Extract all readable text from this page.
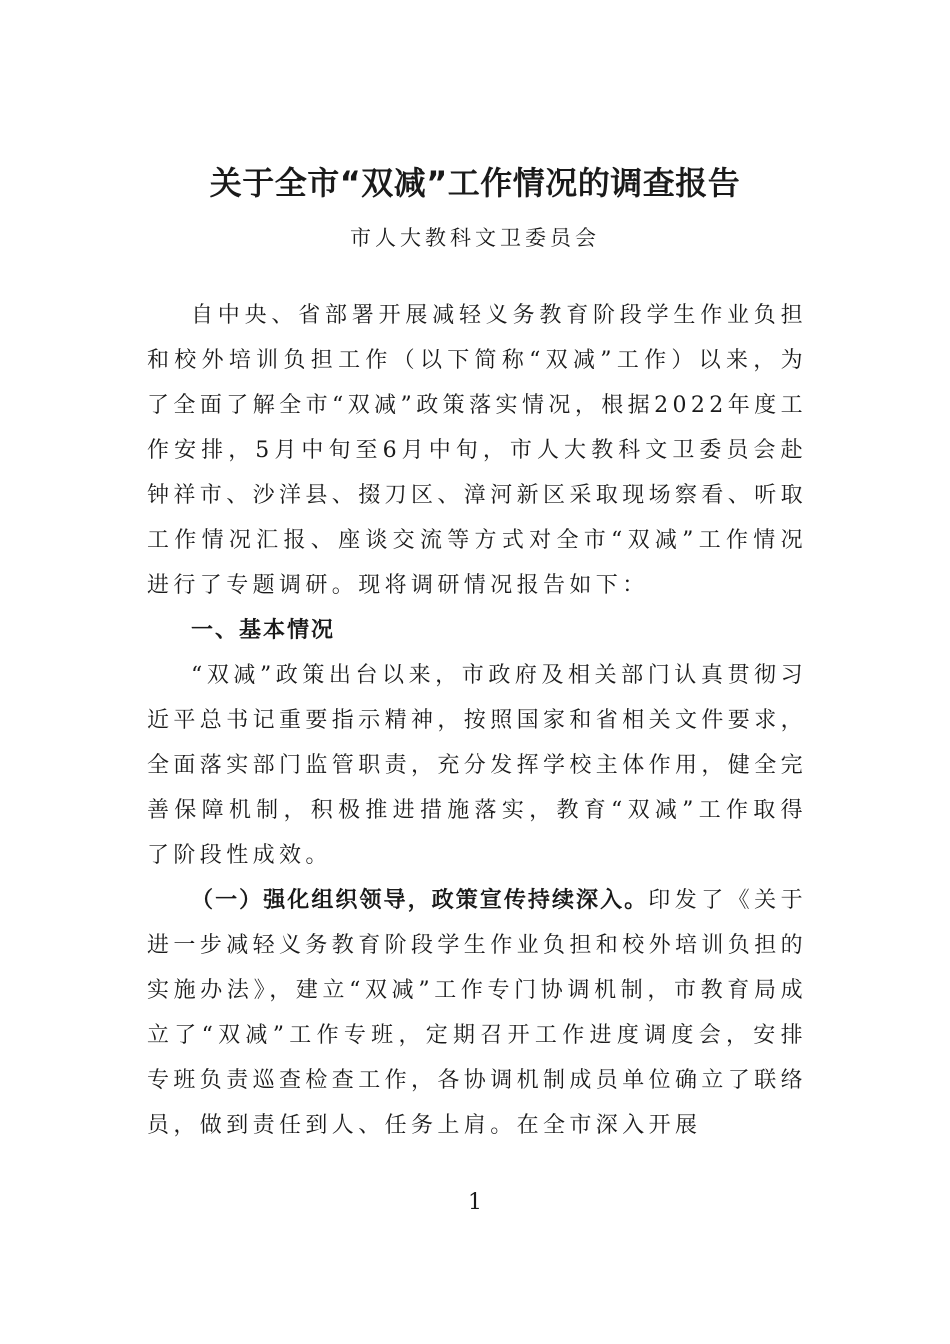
关于全市“双减”工作情况的调查报告
市人大教科文卫委员会

自中央、省部署开展减轻义务教育阶段学生作业负担和校外培训负担工作（以下简称“双减”工作）以来，为了全面了解全市“双减”政策落实情况，根据2022年度工作安排，5月中旬至6月中旬，市人大教科文卫委员会赴钟祥市、沙洋县、掇刀区、漳河新区采取现场察看、听取工作情况汇报、座谈交流等方式对全市“双减”工作情况进行了专题调研。现将调研情况报告如下：

一、基本情况

“双减”政策出台以来，市政府及相关部门认真贯彻习近平总书记重要指示精神，按照国家和省相关文件要求，全面落实部门监管职责，充分发挥学校主体作用，健全完善保障机制，积极推进措施落实，教育“双减”工作取得了阶段性成效。

（一）强化组织领导，政策宣传持续深入。印发了《关于进一步减轻义务教育阶段学生作业负担和校外培训负担的实施办法》，建立“双减”工作专门协调机制，市教育局成立了“双减”工作专班，定期召开工作进度调度会，安排专班负责巡查检查工作，各协调机制成员单位确立了联络员，做到责任到人、任务上肩。在全市深入开展

1
